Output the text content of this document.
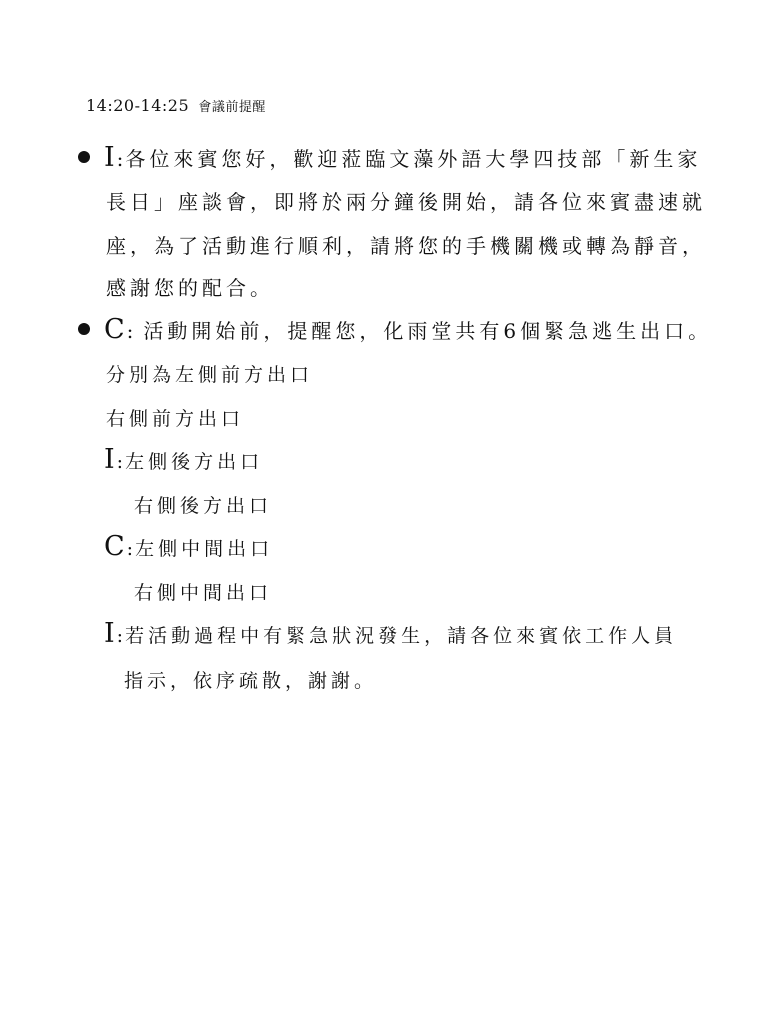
14:20-14:25 會議前提醒
I : 各位來賓您好，歡迎蒞臨文藻外語大學四技部「新生家
長日」座談會，即將於兩分鐘後開始，請各位來賓盡速就
座，為了活動進行順利，請將您的手機關機或轉為靜音，
感謝您的配合。
C : 活動開始前，提醒您，化雨堂共有6個緊急逃生出口。
分別為左側前方出口
右側前方出口
I : 左側後方出口
右側後方出口
C : 左側中間出口
右側中間出口
I : 若活動過程中有緊急狀況發生，請各位來賓依工作人員
指示，依序疏散，謝謝。
